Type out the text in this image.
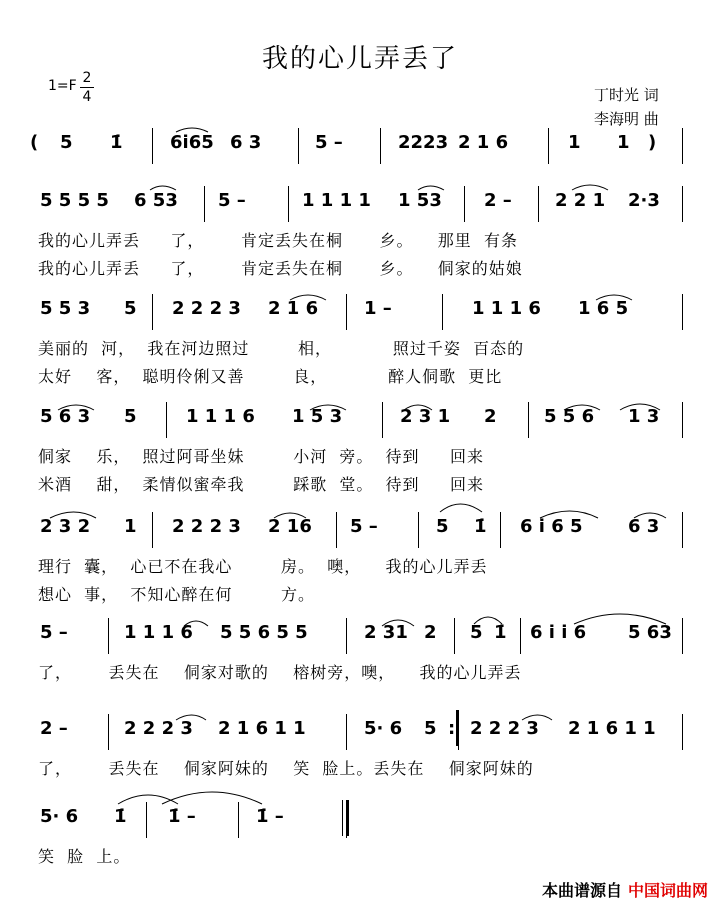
我的心儿弄丢了
1=F 2
4	丁时光 词
李海明 曲
( 5 1̇	6i65 6 3	5 –	2223 2 1 6	1 1 )
5 5 5 5 6 53 5 –	1 1 1 1 1 53 2 – 2 2 1 2·3
我的心儿弄丢     了，      肯定丢失在桐      乡。    那里  有条
我的心儿弄丢     了，      肯定丢失在桐      乡。    侗家的姑娘
5 5 3 5 2 2 2 3 2 1 6	1 –	1 1 1 6 1 6 5
美丽的  河，  我在河边照过        相，          照过千姿  百态的
太好    客，  聪明伶俐又善        良，          醉人侗歌  更比
5 6 3 5	1 1 1 6 1 5 3	2 3 1 2	5 5 6 1 3
侗家    乐，  照过阿哥坐妹        小河  旁。  待到     回来
米酒    甜，  柔情似蜜牵我        踩歌  堂。  待到     回来
2 3 2 1 2 2 2 3 2 16 5 –	5 1̇ 6 i 6 5	6 3
理行  囊，  心已不在我心        房。  噢，    我的心儿弄丢
想心  事，  不知心醉在何        方。
5 –	1 1 1 6 5 5 6 5 5	2 31 2 5 1̇ 6 i i 6 5 63
了，      丢失在    侗家对歌的    榕树旁，噢，    我的心儿弄丢
2 –	2 2 2 3 2 1 6 1 1	5· 6 5 : 2 2 2 3 2 1 6 1 1
了，      丢失在    侗家阿妹的    笑  脸上。丢失在    侗家阿妹的
5· 6 1̇ 1̇ –	1̇ –
笑  脸  上。
本曲谱源自 中国词曲网
